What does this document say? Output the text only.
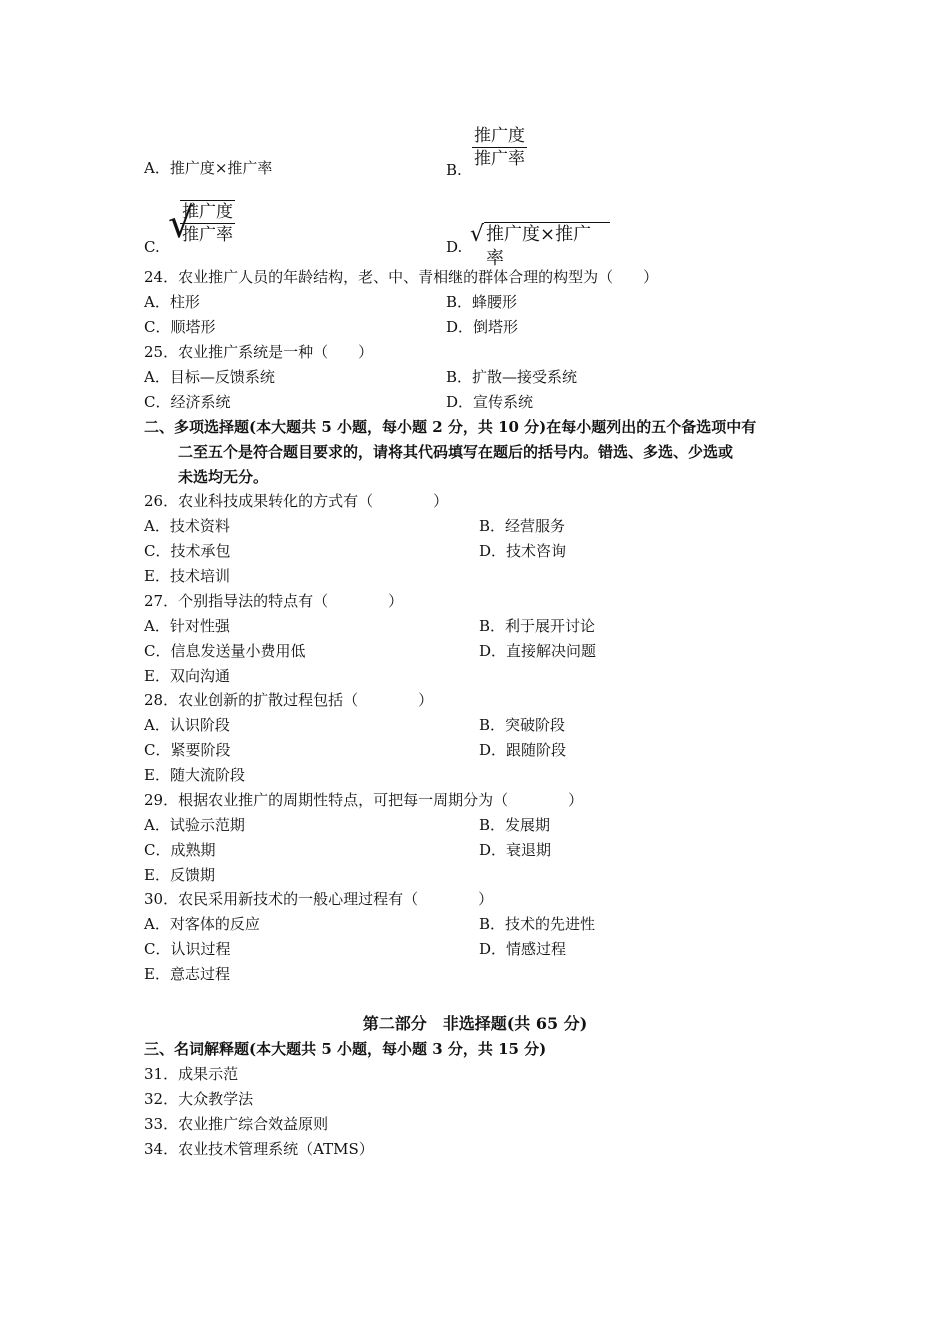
A．推广度×推广率	B.
推广度
推广率
C. √
推广度
推广率
D. √ 推广度×推广率
24．农业推广人员的年龄结构，老、中、青相继的群体合理的构型为（　　）
A．柱形	B．蜂腰形
C．顺塔形	D．倒塔形
25．农业推广系统是一种（　　）
A．目标—反馈系统	B．扩散—接受系统
C．经济系统	D．宣传系统
二、多项选择题(本大题共 5 小题，每小题 2 分，共 10 分)在每小题列出的五个备选项中有
二至五个是符合题目要求的，请将其代码填写在题后的括号内。错选、多选、少选或
未选均无分。
26．农业科技成果转化的方式有（　　　　）
A．技术资料	B．经营服务
C．技术承包	D．技术咨询
E．技术培训
27．个别指导法的特点有（　　　　）
A．针对性强	B．利于展开讨论
C．信息发送量小费用低	D．直接解决问题
E．双向沟通
28．农业创新的扩散过程包括（　　　　）
A．认识阶段	B．突破阶段
C．紧要阶段	D．跟随阶段
E．随大流阶段
29．根据农业推广的周期性特点，可把每一周期分为（　　　　）
A．试验示范期	B．发展期
C．成熟期	D．衰退期
E．反馈期
30．农民采用新技术的一般心理过程有（　　　　）
A．对客体的反应	B．技术的先进性
C．认识过程	D．情感过程
E．意志过程
第二部分　非选择题(共 65 分)
三、名词解释题(本大题共 5 小题，每小题 3 分，共 15 分)
31．成果示范
32．大众教学法
33．农业推广综合效益原则
34．农业技术管理系统（ATMS）
